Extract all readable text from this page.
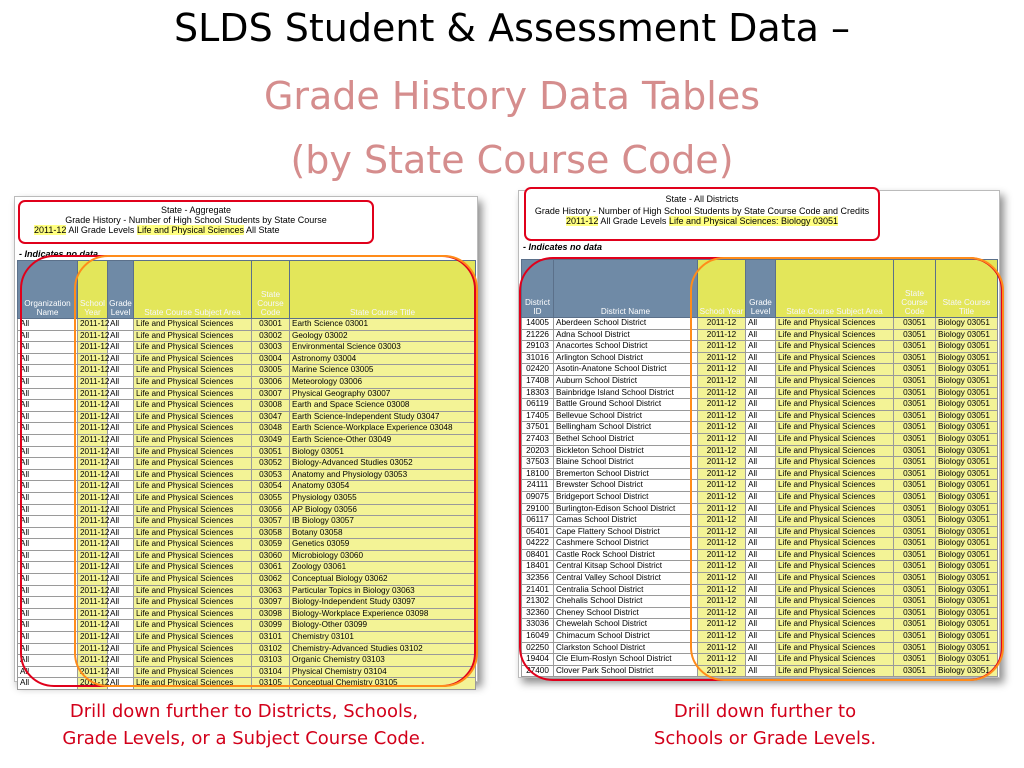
SLDS Student & Assessment Data –
Grade History Data Tables
(by State Course Code)
State - Aggregate
Grade History - Number of High School Students by State Course
2011-12 All Grade Levels Life and Physical Sciences All State
- Indicates no data
Organization Name	School Year	Grade Level	State Course Subject Area	State Course Code	State Course Title
All	2011-12	All	Life and Physical Sciences	03001	Earth Science 03001
All	2011-12	All	Life and Physical Sciences	03002	Geology 03002
All	2011-12	All	Life and Physical Sciences	03003	Environmental Science 03003
All	2011-12	All	Life and Physical Sciences	03004	Astronomy 03004
All	2011-12	All	Life and Physical Sciences	03005	Marine Science 03005
All	2011-12	All	Life and Physical Sciences	03006	Meteorology 03006
All	2011-12	All	Life and Physical Sciences	03007	Physical Geography 03007
All	2011-12	All	Life and Physical Sciences	03008	Earth and Space Science 03008
All	2011-12	All	Life and Physical Sciences	03047	Earth Science-Independent Study 03047
All	2011-12	All	Life and Physical Sciences	03048	Earth Science-Workplace Experience 03048
All	2011-12	All	Life and Physical Sciences	03049	Earth Science-Other 03049
All	2011-12	All	Life and Physical Sciences	03051	Biology 03051
All	2011-12	All	Life and Physical Sciences	03052	Biology-Advanced Studies 03052
All	2011-12	All	Life and Physical Sciences	03053	Anatomy and Physiology 03053
All	2011-12	All	Life and Physical Sciences	03054	Anatomy 03054
All	2011-12	All	Life and Physical Sciences	03055	Physiology 03055
All	2011-12	All	Life and Physical Sciences	03056	AP Biology 03056
All	2011-12	All	Life and Physical Sciences	03057	IB Biology 03057
All	2011-12	All	Life and Physical Sciences	03058	Botany 03058
All	2011-12	All	Life and Physical Sciences	03059	Genetics 03059
All	2011-12	All	Life and Physical Sciences	03060	Microbiology 03060
All	2011-12	All	Life and Physical Sciences	03061	Zoology 03061
All	2011-12	All	Life and Physical Sciences	03062	Conceptual Biology 03062
All	2011-12	All	Life and Physical Sciences	03063	Particular Topics in Biology 03063
All	2011-12	All	Life and Physical Sciences	03097	Biology-Independent Study 03097
All	2011-12	All	Life and Physical Sciences	03098	Biology-Workplace Experience 03098
All	2011-12	All	Life and Physical Sciences	03099	Biology-Other 03099
All	2011-12	All	Life and Physical Sciences	03101	Chemistry 03101
All	2011-12	All	Life and Physical Sciences	03102	Chemistry-Advanced Studies 03102
All	2011-12	All	Life and Physical Sciences	03103	Organic Chemistry 03103
All	2011-12	All	Life and Physical Sciences	03104	Physical Chemistry 03104
All	2011-12	All	Life and Physical Sciences	03105	Conceptual Chemistry 03105
State - All Districts
Grade History - Number of High School Students by State Course Code and Credits
2011-12 All Grade Levels Life and Physical Sciences: Biology 03051
- Indicates no data
District ID	District Name	School Year	Grade Level	State Course Subject Area	State Course Code	State Course Title
14005	Aberdeen School District	2011-12	All	Life and Physical Sciences	03051	Biology 03051
21226	Adna School District	2011-12	All	Life and Physical Sciences	03051	Biology 03051
29103	Anacortes School District	2011-12	All	Life and Physical Sciences	03051	Biology 03051
31016	Arlington School District	2011-12	All	Life and Physical Sciences	03051	Biology 03051
02420	Asotin-Anatone School District	2011-12	All	Life and Physical Sciences	03051	Biology 03051
17408	Auburn School District	2011-12	All	Life and Physical Sciences	03051	Biology 03051
18303	Bainbridge Island School District	2011-12	All	Life and Physical Sciences	03051	Biology 03051
06119	Battle Ground School District	2011-12	All	Life and Physical Sciences	03051	Biology 03051
17405	Bellevue School District	2011-12	All	Life and Physical Sciences	03051	Biology 03051
37501	Bellingham School District	2011-12	All	Life and Physical Sciences	03051	Biology 03051
27403	Bethel School District	2011-12	All	Life and Physical Sciences	03051	Biology 03051
20203	Bickleton School District	2011-12	All	Life and Physical Sciences	03051	Biology 03051
37503	Blaine School District	2011-12	All	Life and Physical Sciences	03051	Biology 03051
18100	Bremerton School District	2011-12	All	Life and Physical Sciences	03051	Biology 03051
24111	Brewster School District	2011-12	All	Life and Physical Sciences	03051	Biology 03051
09075	Bridgeport School District	2011-12	All	Life and Physical Sciences	03051	Biology 03051
29100	Burlington-Edison School District	2011-12	All	Life and Physical Sciences	03051	Biology 03051
06117	Camas School District	2011-12	All	Life and Physical Sciences	03051	Biology 03051
05401	Cape Flattery School District	2011-12	All	Life and Physical Sciences	03051	Biology 03051
04222	Cashmere School District	2011-12	All	Life and Physical Sciences	03051	Biology 03051
08401	Castle Rock School District	2011-12	All	Life and Physical Sciences	03051	Biology 03051
18401	Central Kitsap School District	2011-12	All	Life and Physical Sciences	03051	Biology 03051
32356	Central Valley School District	2011-12	All	Life and Physical Sciences	03051	Biology 03051
21401	Centralia School District	2011-12	All	Life and Physical Sciences	03051	Biology 03051
21302	Chehalis School District	2011-12	All	Life and Physical Sciences	03051	Biology 03051
32360	Cheney School District	2011-12	All	Life and Physical Sciences	03051	Biology 03051
33036	Chewelah School District	2011-12	All	Life and Physical Sciences	03051	Biology 03051
16049	Chimacum School District	2011-12	All	Life and Physical Sciences	03051	Biology 03051
02250	Clarkston School District	2011-12	All	Life and Physical Sciences	03051	Biology 03051
19404	Cle Elum-Roslyn School District	2011-12	All	Life and Physical Sciences	03051	Biology 03051
27400	Clover Park School District	2011-12	All	Life and Physical Sciences	03051	Biology 03051
Drill down further to Districts, Schools,
Grade Levels, or a Subject Course Code.
Drill down further to
Schools or Grade Levels.
